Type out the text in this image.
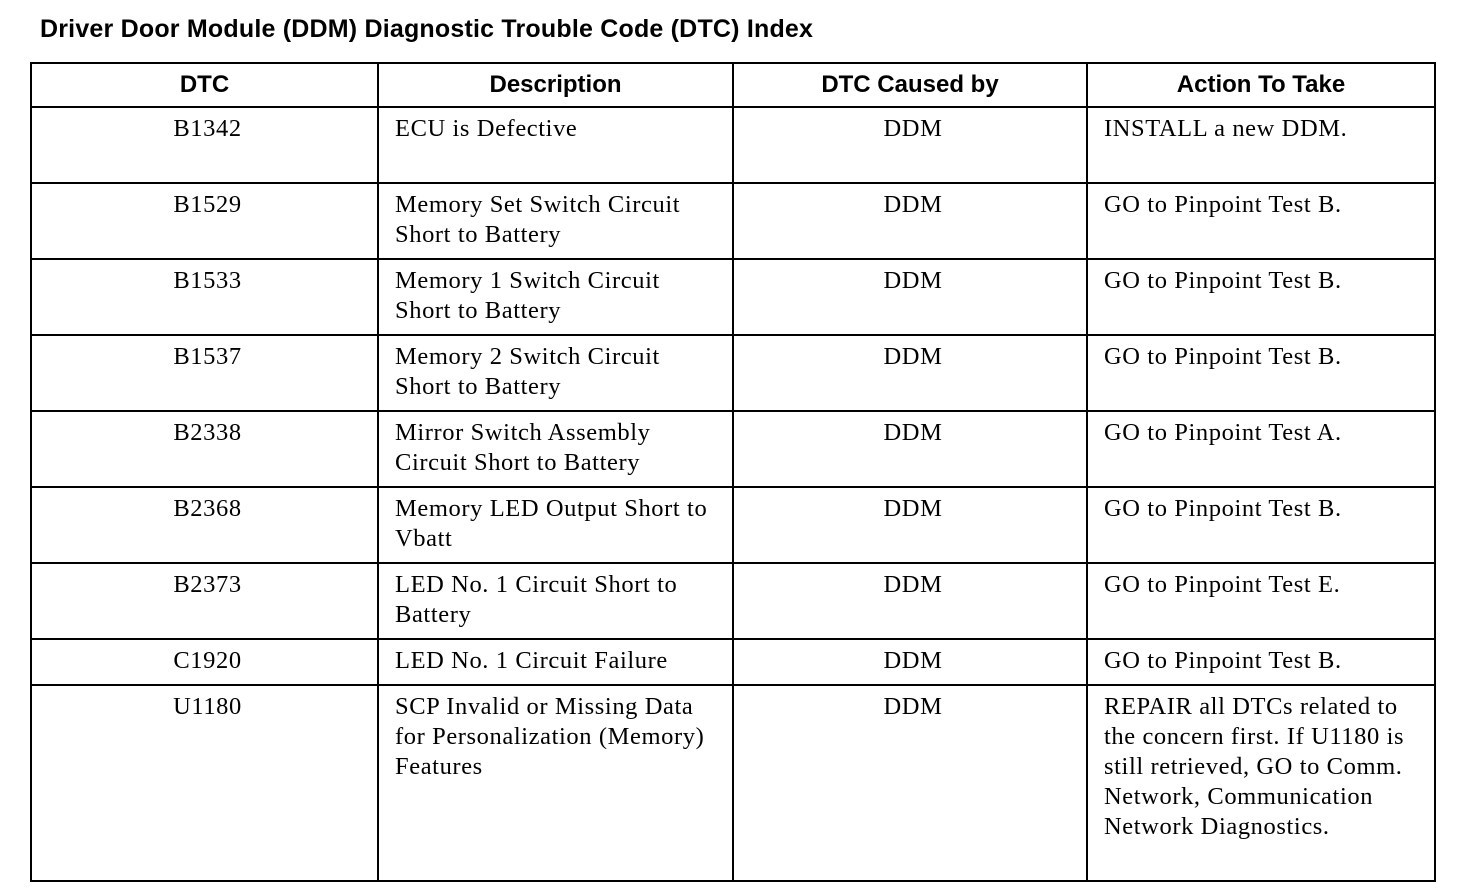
Driver Door Module (DDM) Diagnostic Trouble Code (DTC) Index
DTC	Description	DTC Caused by	Action To Take
B1342	ECU is Defective	DDM	INSTALL a new DDM.
B1529	Memory Set Switch Circuit Short to Battery	DDM	GO to Pinpoint Test B.
B1533	Memory 1 Switch Circuit Short to Battery	DDM	GO to Pinpoint Test B.
B1537	Memory 2 Switch Circuit Short to Battery	DDM	GO to Pinpoint Test B.
B2338	Mirror Switch Assembly Circuit Short to Battery	DDM	GO to Pinpoint Test A.
B2368	Memory LED Output Short to Vbatt	DDM	GO to Pinpoint Test B.
B2373	LED No. 1 Circuit Short to Battery	DDM	GO to Pinpoint Test E.
C1920	LED No. 1 Circuit Failure	DDM	GO to Pinpoint Test B.
U1180	SCP Invalid or Missing Data for Personalization (Memory) Features	DDM	REPAIR all DTCs related to the concern first. If U1180 is still retrieved, GO to Comm. Network, Communication Network Diagnostics.
